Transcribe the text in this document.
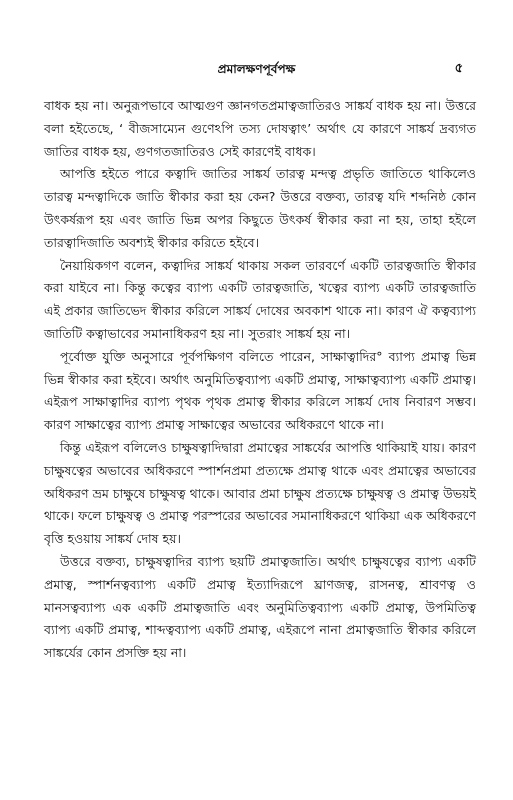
প্রমালক্ষণপূর্বপক্ষ	৫

বাধক হয় না। অনুরূপভাবে আত্মগুণ জ্ঞানগতপ্রমাত্বজাতিরও সাঙ্কর্য বাধক হয় না। উত্তরে বলা হইতেছে, ‘ বীজসাম্যেন গুণেঽপি তস্য দোষত্বাৎ’ অর্থাৎ যে কারণে সাঙ্কর্য দ্রব্যগত জাতির বাধক হয়, গুণগতজাতিরও সেই কারণেই বাধক।

আপত্তি হইতে পারে কত্বাদি জাতির সাঙ্কর্য তারত্ব মন্দত্ব প্রভৃতি জাতিতে থাকিলেও তারত্ব মন্দত্বাদিকে জাতি স্বীকার করা হয় কেন? উত্তরে বক্তব্য, তারত্ব যদি শব্দনিষ্ঠ কোন উৎকর্ষরূপ হয় এবং জাতি ভিন্ন অপর কিছুতে উৎকর্ষ স্বীকার করা না হয়, তাহা হইলে তারত্বাদিজাতি অবশ্যই স্বীকার করিতে হইবে।

নৈয়ায়িকগণ বলেন, কত্বাদির সাঙ্কর্য থাকায় সকল তারবর্ণে একটি তারত্বজাতি স্বীকার করা যাইবে না। কিন্তু কত্বের ব্যাপ্য একটি তারত্বজাতি, খত্বের ব্যাপ্য একটি তারত্বজাতি এই প্রকার জাতিভেদ স্বীকার করিলে সাঙ্কর্য দোষের অবকাশ থাকে না। কারণ ঐ কত্বব্যাপ্য জাতিটি কত্বাভাবের সমানাধিকরণ হয় না। সুতরাং সাঙ্কর্য হয় না।

পূর্বোক্ত যুক্তি অনুসারে পূর্বপক্ষিগণ বলিতে পারেন, সাক্ষাত্বাদির° ব্যাপ্য প্রমাত্ব ভিন্ন ভিন্ন স্বীকার করা হইবে। অর্থাৎ অনুমিতিত্বব্যাপ্য একটি প্রমাত্ব, সাক্ষাত্বব্যাপ্য একটি প্রমাত্ব। এইরূপ সাক্ষাত্বাদির ব্যাপ্য পৃথক পৃথক প্রমাত্ব স্বীকার করিলে সাঙ্কর্য দোষ নিবারণ সম্ভব। কারণ সাক্ষাত্বের ব্যাপ্য প্রমাত্ব সাক্ষাত্বের অভাবের অধিকরণে থাকে না।

কিন্তু এইরূপ বলিলেও চাক্ষুষত্বাদিদ্বারা প্রমাত্বের সাঙ্কর্যের আপত্তি থাকিয়াই যায়। কারণ চাক্ষুষত্বের অভাবের অধিকরণে স্পার্শনপ্রমা প্রত্যক্ষে প্রমাত্ব থাকে এবং প্রমাত্বের অভাবের অধিকরণ ভ্রম চাক্ষুষে চাক্ষুষত্ব থাকে। আবার প্রমা চাক্ষুষ প্রত্যক্ষে চাক্ষুষত্ব ও প্রমাত্ব উভয়ই থাকে। ফলে চাক্ষুষত্ব ও প্রমাত্ব পরস্পরের অভাবের সমানাধিকরণে থাকিয়া এক অধিকরণে বৃত্তি হওয়ায় সাঙ্কর্য দোষ হয়।

উত্তরে বক্তব্য, চাক্ষুষত্বাদির ব্যাপ্য ছয়টি প্রমাত্বজাতি। অর্থাৎ চাক্ষুষত্বের ব্যাপ্য একটি প্রমাত্ব, স্পার্শনত্বব্যাপ্য একটি প্রমাত্ব ইত্যাদিরূপে ঘ্রাণজত্ব, রাসনত্ব, শ্রাবণত্ব ও মানসত্বব্যাপ্য এক একটি প্রমাত্বজাতি এবং অনুমিতিত্বব্যাপ্য একটি প্রমাত্ব, উপমিতিত্ব ব্যাপ্য একটি প্রমাত্ব, শাব্দত্বব্যাপ্য একটি প্রমাত্ব, এইরূপে নানা প্রমাত্বজাতি স্বীকার করিলে সাঙ্কর্যের কোন প্রসক্তি হয় না।
